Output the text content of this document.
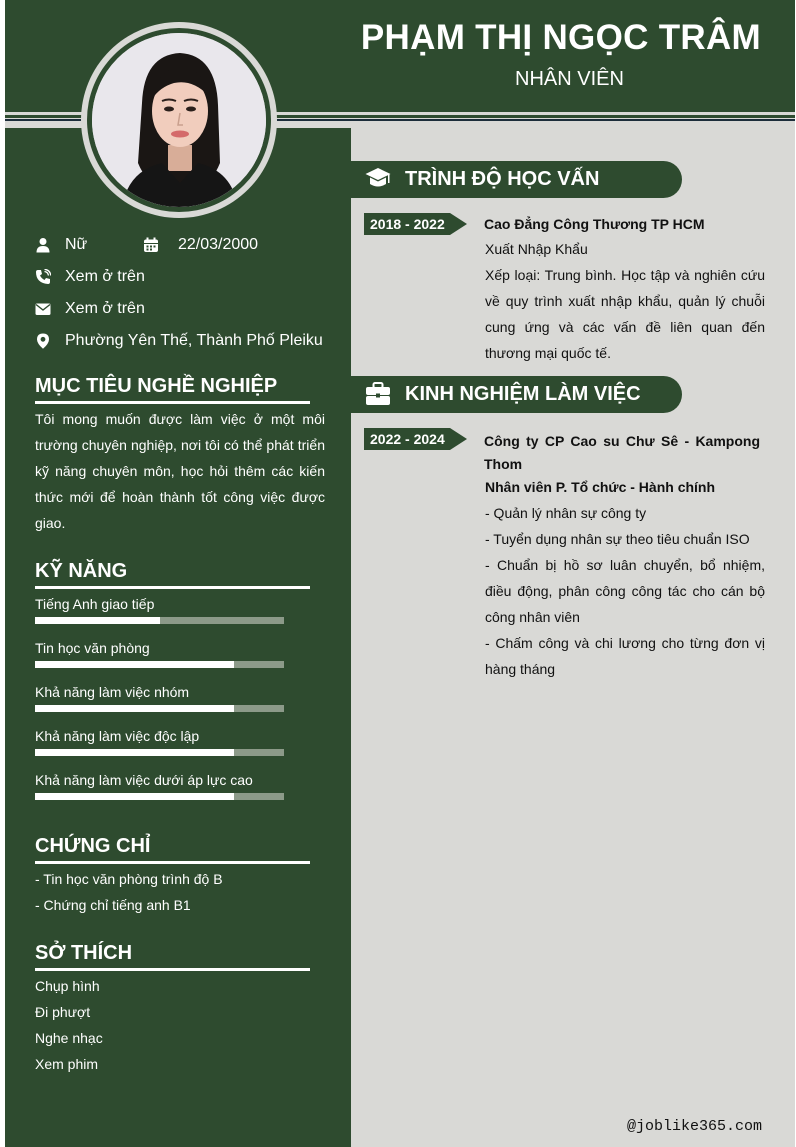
PHẠM THỊ NGỌC TRÂM
NHÂN VIÊN
Nữ	22/03/2000
Xem ở trên
Xem ở trên
Phường Yên Thế, Thành Phố Pleiku
MỤC TIÊU NGHỀ NGHIỆP
Tôi mong muốn được làm việc ở một môi trường chuyên nghiệp, nơi tôi có thể phát triển kỹ năng chuyên môn, học hỏi thêm các kiến thức mới để hoàn thành tốt công việc được giao.
KỸ NĂNG
Tiếng Anh giao tiếp
Tin học văn phòng
Khả năng làm việc nhóm
Khả năng làm việc độc lập
Khả năng làm việc dưới áp lực cao
CHỨNG CHỈ
- Tin học văn phòng trình độ B
- Chứng chỉ tiếng anh B1
SỞ THÍCH
Chụp hình
Đi phượt
Nghe nhạc
Xem phim
TRÌNH ĐỘ HỌC VẤN
2018 - 2022	Cao Đẳng Công Thương TP HCM
Xuất Nhập Khẩu
Xếp loại: Trung bình. Học tập và nghiên cứu về quy trình xuất nhập khẩu, quản lý chuỗi cung ứng và các vấn đề liên quan đến thương mại quốc tế.
KINH NGHIỆM LÀM VIỆC
2022 - 2024	Công ty CP Cao su Chư Sê - Kampong Thom
Nhân viên P. Tổ chức - Hành chính
- Quản lý nhân sự công ty
- Tuyển dụng nhân sự theo tiêu chuẩn ISO
- Chuẩn bị hồ sơ luân chuyển, bổ nhiệm, điều động, phân công công tác cho cán bộ công nhân viên
- Chấm công và chi lương cho từng đơn vị hàng tháng
@joblike365.com
